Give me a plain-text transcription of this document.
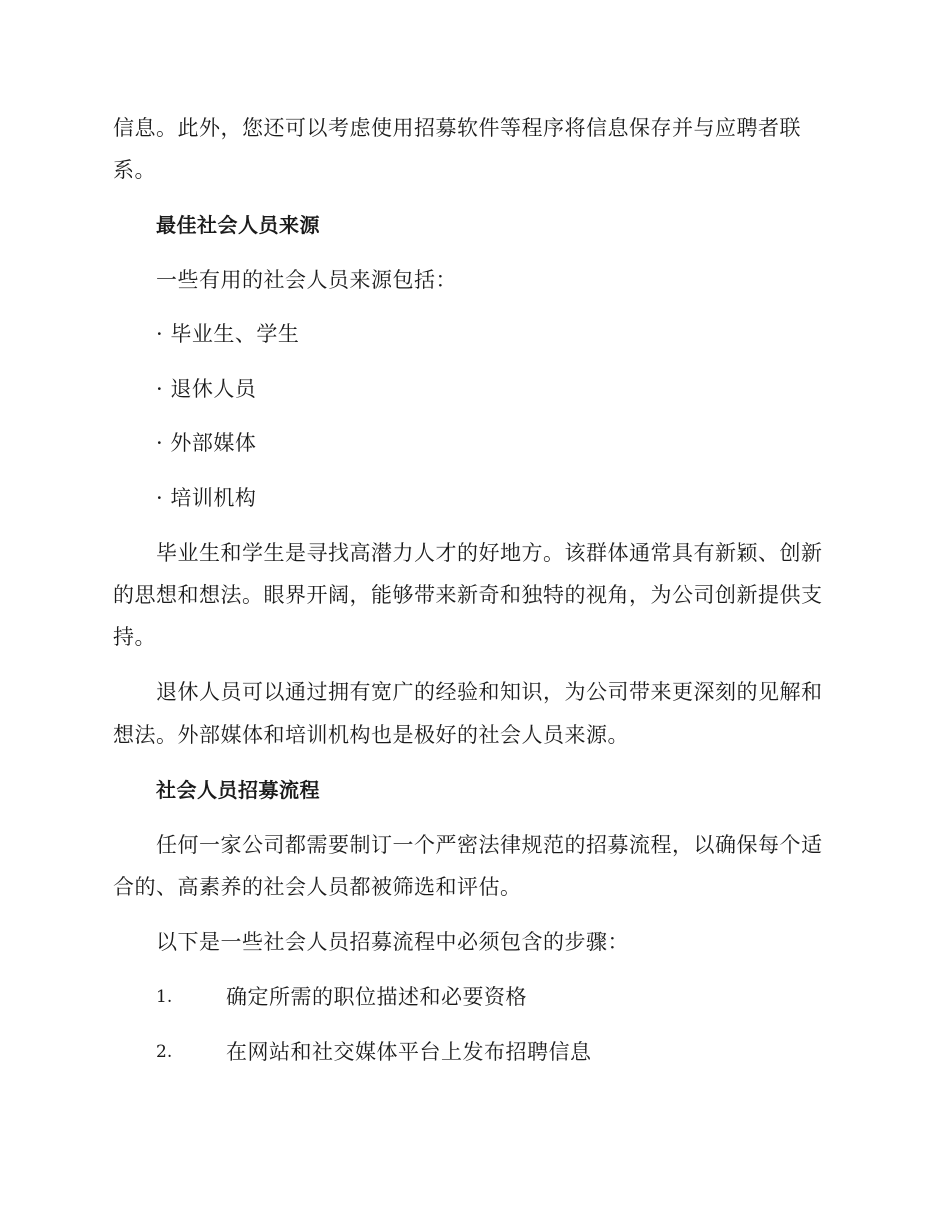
信息。此外，您还可以考虑使用招募软件等程序将信息保存并与应聘者联
系。
最佳社会人员来源
一些有用的社会人员来源包括：
· 毕业生、学生
· 退休人员
· 外部媒体
· 培训机构
毕业生和学生是寻找高潜力人才的好地方。该群体通常具有新颖、创新
的思想和想法。眼界开阔，能够带来新奇和独特的视角，为公司创新提供支
持。
退休人员可以通过拥有宽广的经验和知识，为公司带来更深刻的见解和
想法。外部媒体和培训机构也是极好的社会人员来源。
社会人员招募流程
任何一家公司都需要制订一个严密法律规范的招募流程，以确保每个适
合的、高素养的社会人员都被筛选和评估。
以下是一些社会人员招募流程中必须包含的步骤：
1.	确定所需的职位描述和必要资格
2.	在网站和社交媒体平台上发布招聘信息
